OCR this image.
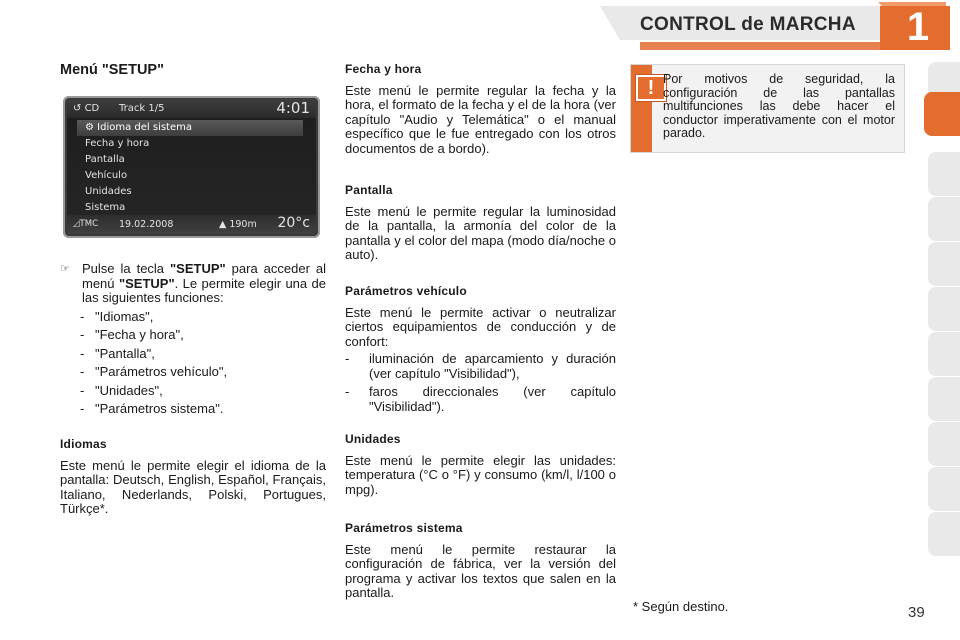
CONTROL de MARCHA	1
Menú "SETUP"
↺ CD Track 1/5	4:01
⚙ Idioma del sistema
Fecha y hora
Pantalla
Vehículo
Unidades
Sistema
◿TMC 19.02.2008	▲ 190m 20°c
☞ Pulse la tecla "SETUP" para acceder al menú "SETUP". Le permite elegir una de las siguientes funciones:
- "Idiomas",
- "Fecha y hora",
- "Pantalla",
- "Parámetros vehículo",
- "Unidades",
- "Parámetros sistema".
Idiomas

Este menú le permite elegir el idioma de la pantalla: Deutsch, English, Español, Français, Italiano, Nederlands, Polski, Portugues, Türkçe*.

Fecha y hora

Este menú le permite regular la fecha y la hora, el formato de la fecha y el de la hora (ver capítulo "Audio y Telemática" o el manual específico que le fue entregado con los otros documentos de a bordo).

Pantalla

Este menú le permite regular la luminosidad de la pantalla, la armonía del color de la pantalla y el color del mapa (modo día/noche o auto).

Parámetros vehículo

Este menú le permite activar o neutralizar ciertos equipamientos de conducción y de confort:

- iluminación de aparcamiento y duración (ver capítulo "Visibilidad"),
- faros direccionales (ver capítulo "Visibilidad").
Unidades

Este menú le permite elegir las unidades: temperatura (°C o °F) y consumo (km/l, l/100 o mpg).

Parámetros sistema

Este menú le permite restaurar la configuración de fábrica, ver la versión del programa y activar los textos que salen en la pantalla.

! Por motivos de seguridad, la configuración de las pantallas multifunciones las debe hacer el conductor imperativamente con el motor parado.
* Según destino.	39
